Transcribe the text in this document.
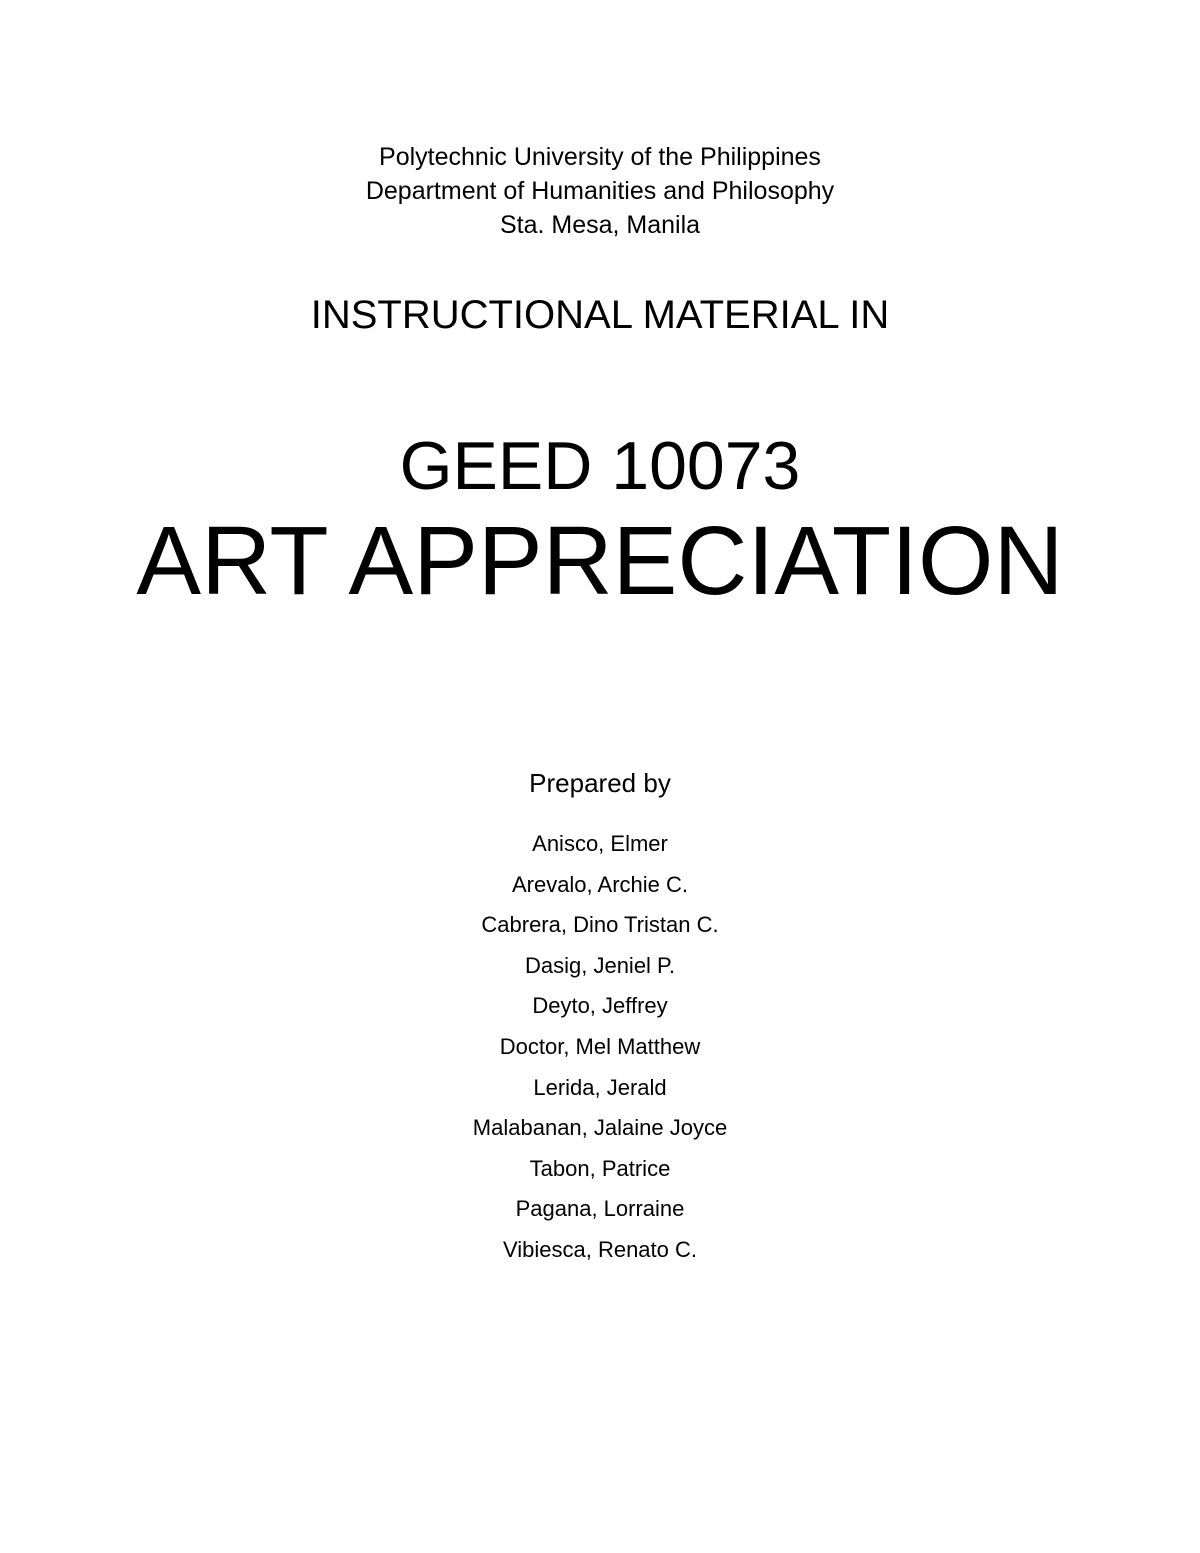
Polytechnic University of the Philippines
Department of Humanities and Philosophy
Sta. Mesa, Manila
INSTRUCTIONAL MATERIAL IN
GEED 10073
ART APPRECIATION
Prepared by
Anisco, Elmer
Arevalo, Archie C.
Cabrera, Dino Tristan C.
Dasig, Jeniel P.
Deyto, Jeffrey
Doctor, Mel Matthew
Lerida, Jerald
Malabanan, Jalaine Joyce
Tabon, Patrice
Pagana, Lorraine
Vibiesca, Renato C.
